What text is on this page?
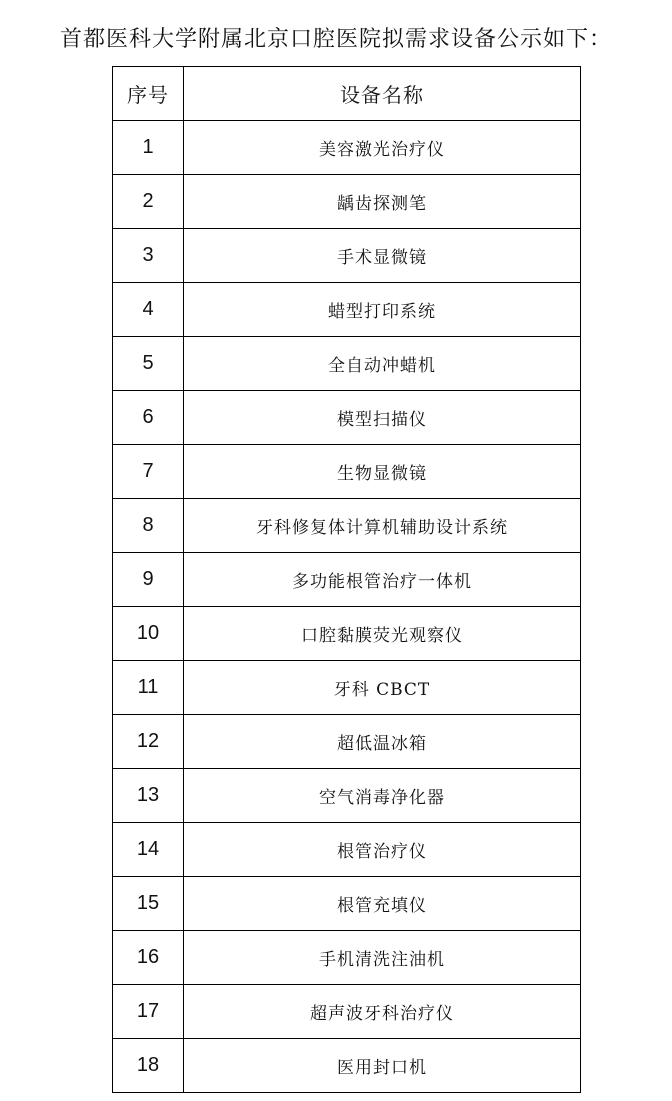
首都医科大学附属北京口腔医院拟需求设备公示如下：
序号	设备名称
1	美容激光治疗仪
2	龋齿探测笔
3	手术显微镜
4	蜡型打印系统
5	全自动冲蜡机
6	模型扫描仪
7	生物显微镜
8	牙科修复体计算机辅助设计系统
9	多功能根管治疗一体机
10	口腔黏膜荧光观察仪
11	牙科 CBCT
12	超低温冰箱
13	空气消毒净化器
14	根管治疗仪
15	根管充填仪
16	手机清洗注油机
17	超声波牙科治疗仪
18	医用封口机
